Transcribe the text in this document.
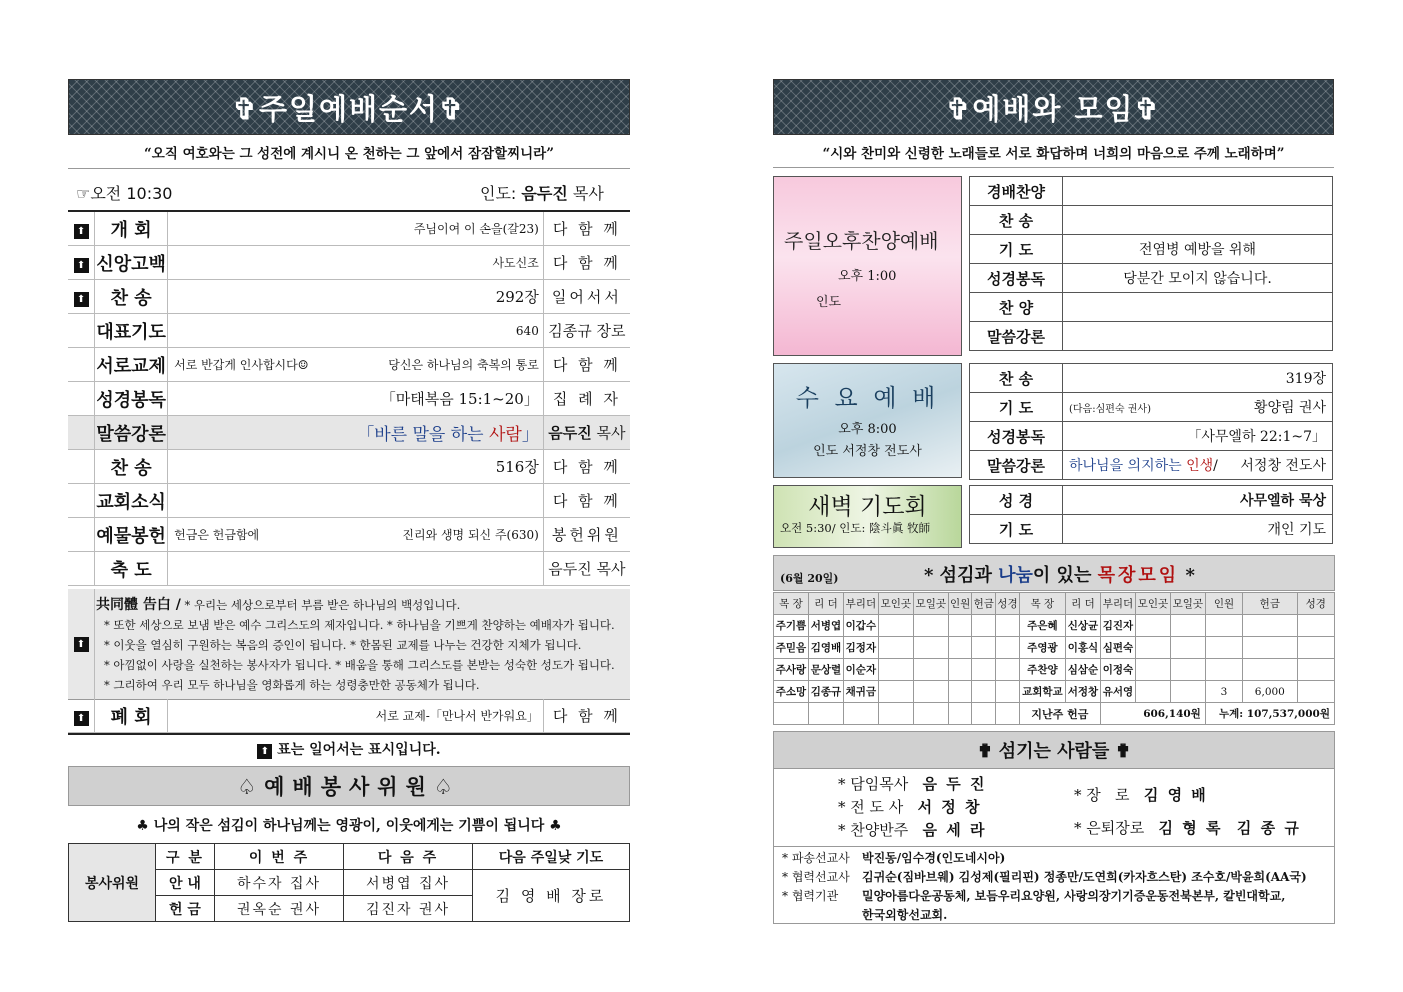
✞주일예배순서✞
“오직 여호와는 그 성전에 계시니 온 천하는 그 앞에서 잠잠할찌니라”
☞오전 10:30	인도: 음두진 목사
⬆	개 회	주님이여 이 손을(갈23)	다 함 께
⬆	신앙고백	사도신조	다 함 께
⬆	찬 송	292장	일어서서
	대표기도	640	김종규 장로
	서로교제	서로 반갑게 인사합시다☺ 당신은 하나님의 축복의 통로	다 함 께
	성경봉독	「마태복음 15:1~20」	집 례 자
	말씀강론	「바른 말을 하는 사람」	음두진 목사
	찬 송	516장	다 함 께
	교회소식		다 함 께
	예물봉헌	헌금은 헌금함에 진리와 생명 되신 주(630)	봉헌위원
	축 도		음두진 목사
⬆
共同體 告白 / * 우리는 세상으로부터 부름 받은 하나님의 백성입니다.
* 또한 세상으로 보냄 받은 예수 그리스도의 제자입니다. * 하나님을 기쁘게 찬양하는 예배자가 됩니다.
* 이웃을 열심히 구원하는 복음의 증인이 됩니다. * 한몸된 교제를 나누는 건강한 지체가 됩니다.
* 아낌없이 사랑을 실천하는 봉사자가 됩니다. * 배움을 통해 그리스도를 본받는 성숙한 성도가 됩니다.
* 그리하여 우리 모두 하나님을 영화롭게 하는 성령충만한 공동체가 됩니다.
⬆	폐 회	서로 교제-「만나서 반가워요」	다 함 께
⬆ 표는 일어서는 표시입니다.
♤예배봉사위원♤
♣ 나의 작은 섬김이 하나님께는 영광이, 이웃에게는 기쁨이 됩니다 ♣
봉사위원	구 분	이 번 주	다 음 주	다음 주일낮 기도
	안 내	하수자 집사	서병엽 집사	김 영 배 장로
	헌 금	권옥순 권사	김진자 권사	
✞예배와 모임✞
“시와 찬미와 신령한 노래들로 서로 화답하며 너희의 마음으로 주께 노래하며”
주일오후찬양예배
오후 1:00
인도
경배찬양	
찬 송	
기 도	전염병 예방을 위해
성경봉독	당분간 모이지 않습니다.
찬 양	
말씀강론	
수 요 예 배
오후 8:00
인도 서정창 전도사
찬 송	319장
기 도	(다음:심편숙 권사) 황양림 권사
성경봉독	「사무엘하 22:1~7」
말씀강론	하나님을 의지하는 인생/ 서정창 전도사
새벽 기도회
오전 5:30/ 인도: 陰斗眞 牧師
성 경	사무엘하 묵상
기 도	개인 기도
(6월 20일)	* 섬김과 나눔이 있는 목장모임 *
목 장	리 더	부리더	모인곳	모일곳	인원	헌금	성경	목 장	리 더	부리더	모인곳	모일곳	인원	헌금	성경
주기쁨	서병엽	이갑수						주은혜	신상균	김진자					
주믿음	김영배	김정자						주영광	이홍식	심편숙					
주사랑	문상렬	이순자						주찬양	심삼순	이정숙					
주소망	김종규	채귀금						교회학교	서정창	유서영			3	6,000	
								지난주 헌금		606,140원			누계: 107,537,000원		
✟ 섬기는 사람들 ✟
* 담임목사 음 두 진
* 전 도 사 서 정 창
* 찬양반주 음 세 라
* 장   로 김 영 배
* 은퇴장로 김 형 록  김 종 규
* 파송선교사 박진동/임수경(인도네시아)
* 협력선교사 김귀순(짐바브웨) 김성제(필리핀) 정종만/도연희(카자흐스탄) 조수호/박윤희(AA국)
* 협력기관 밀양아름다운공동체, 보듬우리요양원, 사랑의장기기증운동전북본부, 칼빈대학교,
한국외항선교회.
